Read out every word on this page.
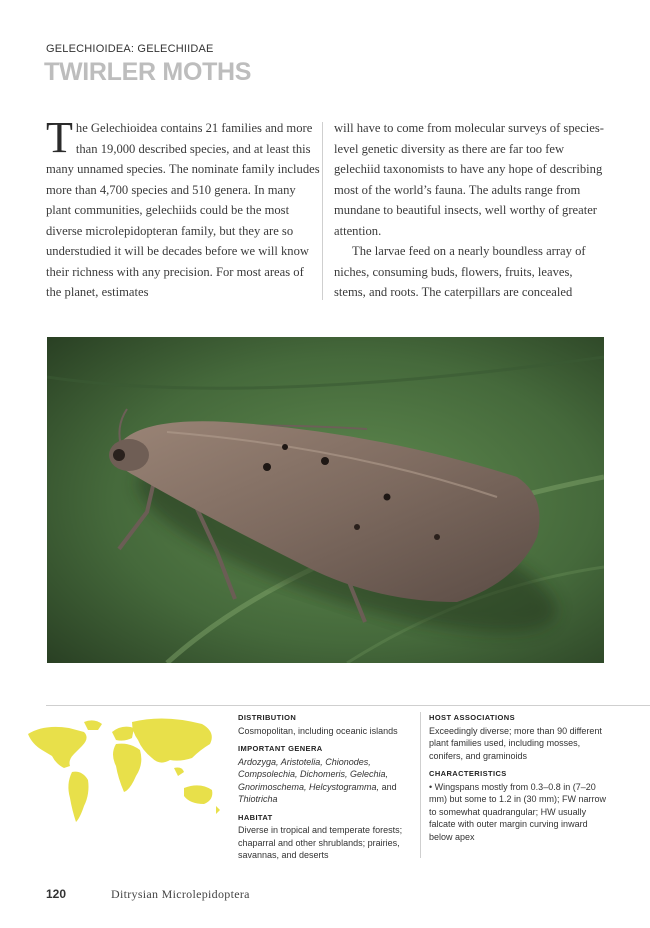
GELECHIOIDEA: GELECHIIDAE
TWIRLER MOTHS

The Gelechioidea contains 21 families and more than 19,000 described species, and at least this many unnamed species. The nominate family includes more than 4,700 species and 510 genera. In many plant communities, gelechiids could be the most diverse microlepidopteran family, but they are so understudied it will be decades before we will know their richness with any precision. For most areas of the planet, estimates

will have to come from molecular surveys of species-level genetic diversity as there are far too few gelechiid taxonomists to have any hope of describing most of the world’s fauna. The adults range from mundane to beautiful insects, well worthy of greater attention.

The larvae feed on a nearly boundless array of niches, consuming buds, flowers, fruits, leaves, stems, and roots. The caterpillars are concealed

DISTRIBUTION
Cosmopolitan, including oceanic islands
IMPORTANT GENERA
Ardozyga, Aristotelia, Chionodes, Compsolechia, Dichomeris, Gelechia, Gnorimoschema, Helcystogramma, and Thiotricha
HABITAT
Diverse in tropical and temperate forests; chaparral and other shrublands; prairies, savannas, and deserts
HOST ASSOCIATIONS
Exceedingly diverse; more than 90 different plant families used, including mosses, conifers, and graminoids
CHARACTERISTICS
• Wingspans mostly from 0.3–0.8 in (7–20 mm) but some to 1.2 in (30 mm); FW narrow to somewhat quadrangular; HW usually falcate with outer margin curving inward below apex
120	Ditrysian Microlepidoptera
